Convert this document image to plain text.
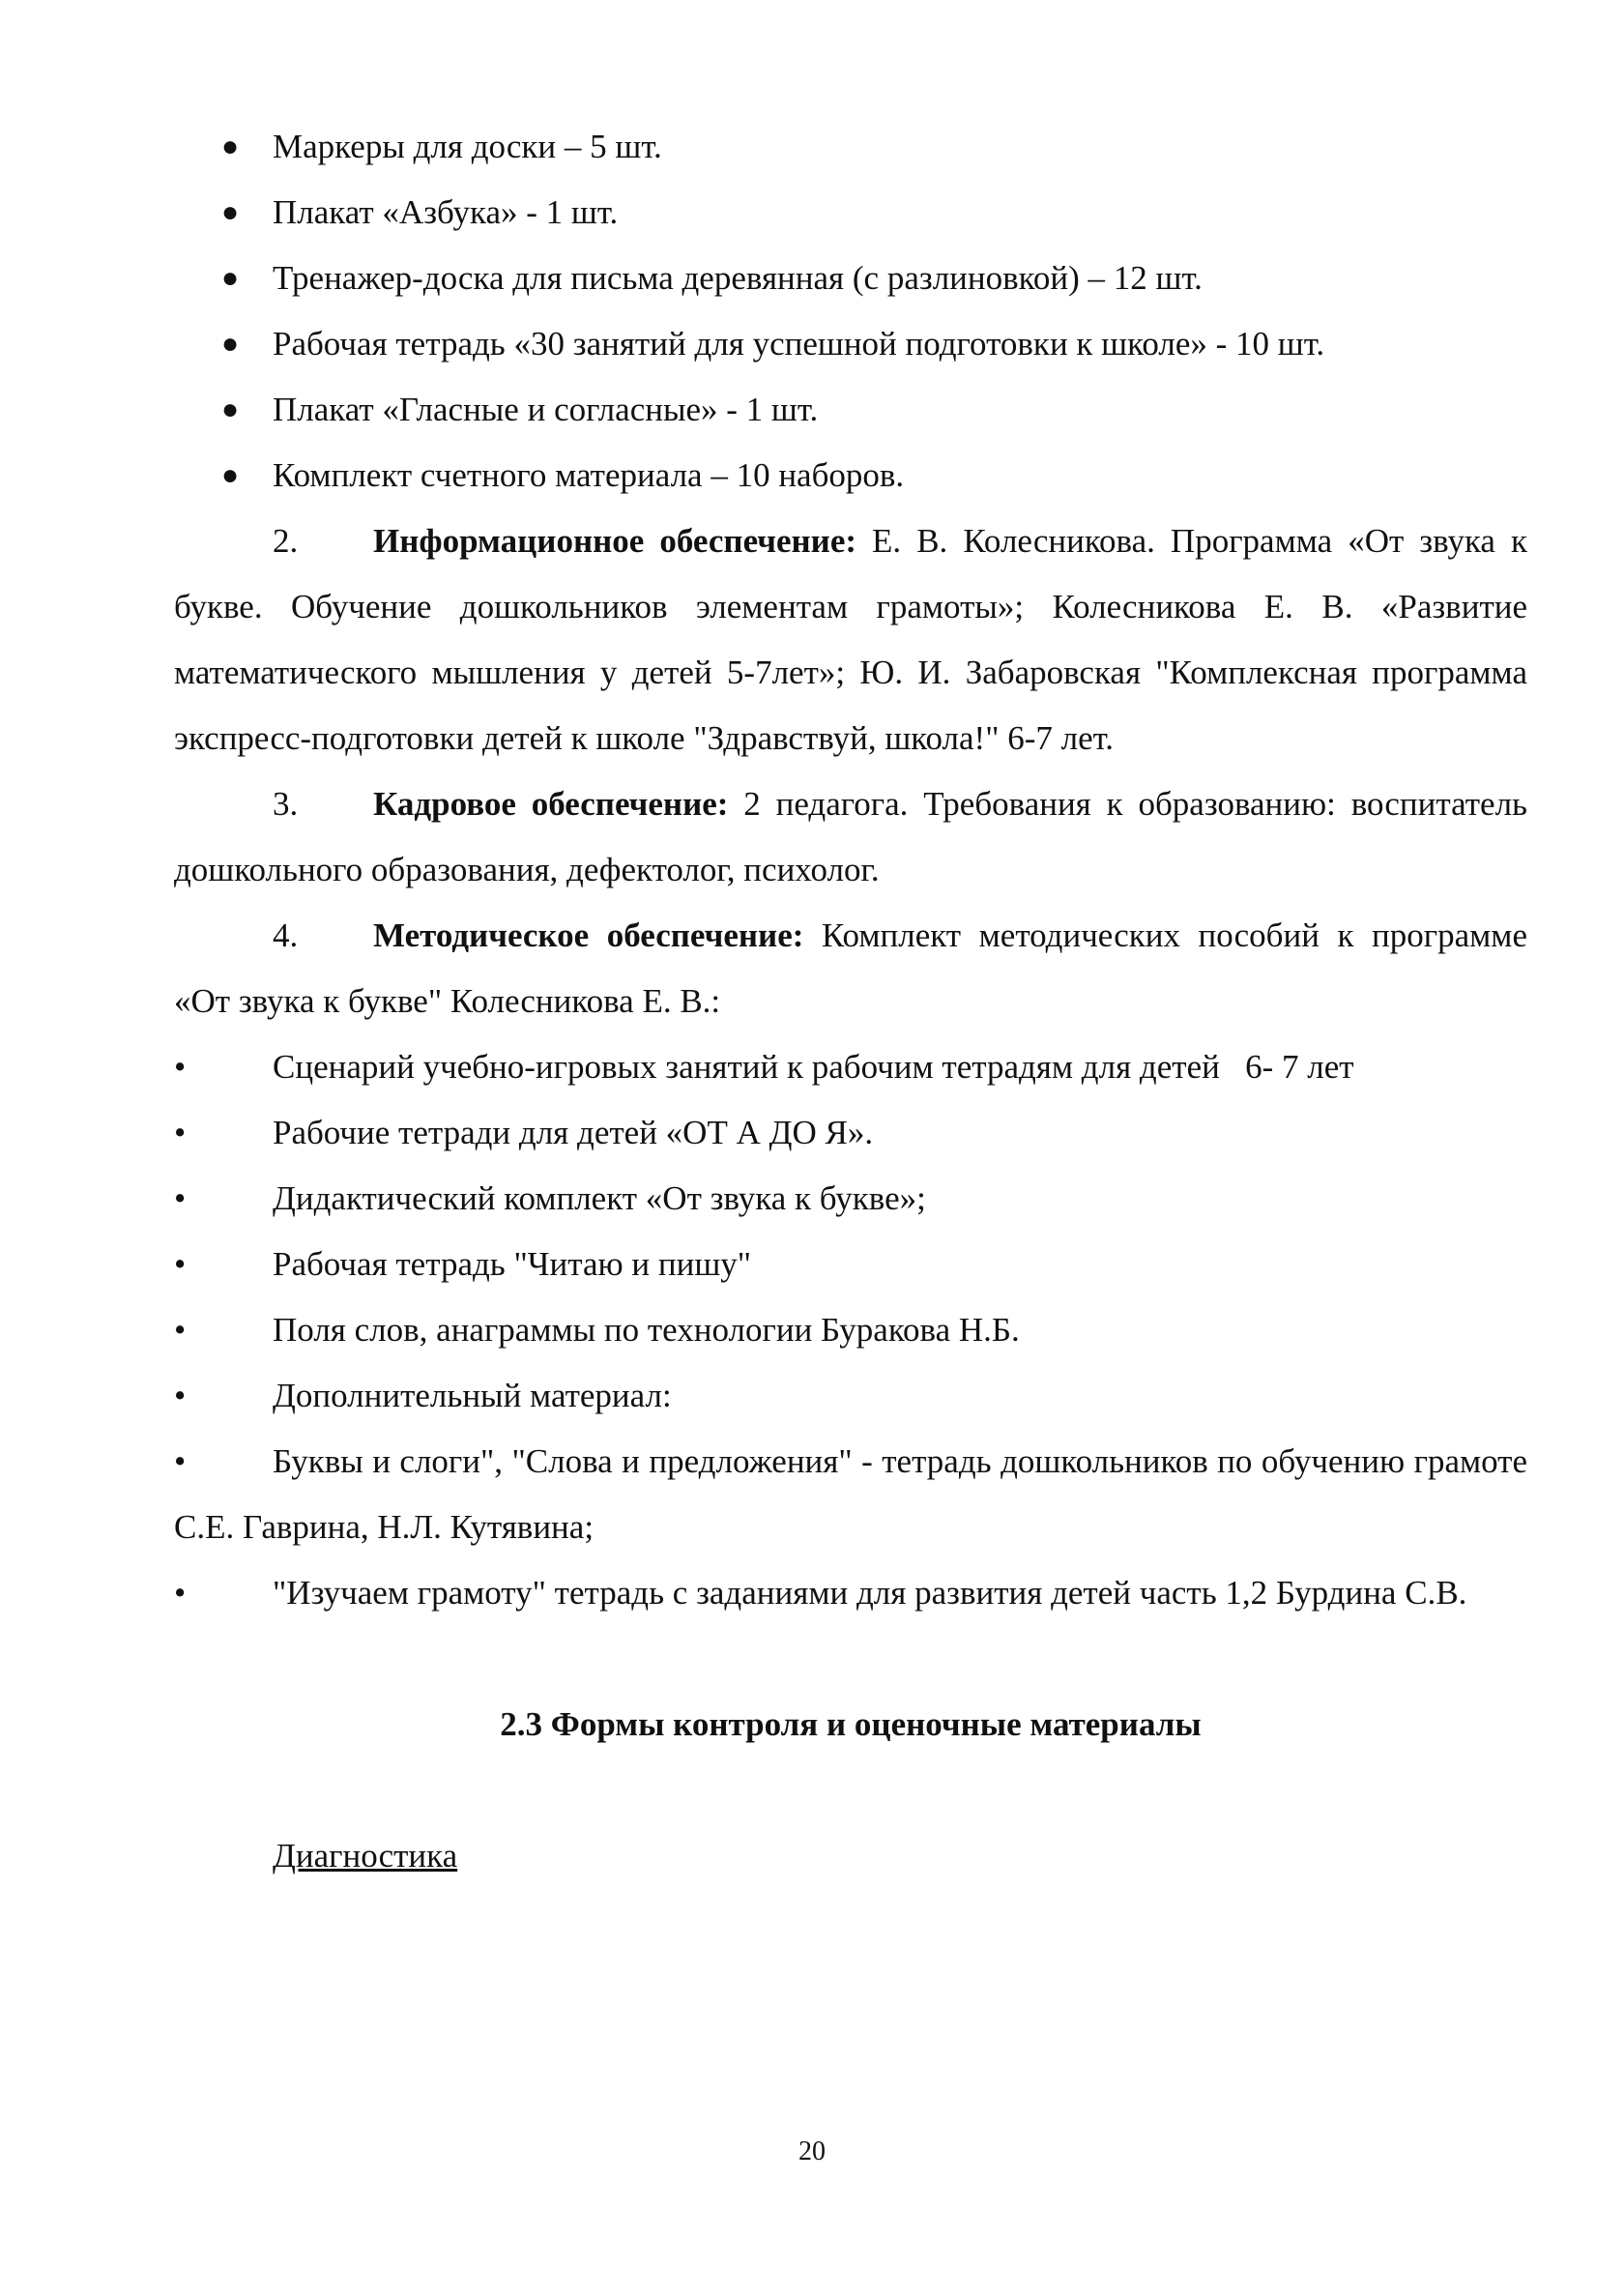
● Маркеры для доски – 5 шт.
● Плакат «Азбука» - 1 шт.
● Тренажер-доска для письма деревянная (с разлиновкой) – 12 шт.
● Рабочая тетрадь «30 занятий для успешной подготовки к школе» - 10 шт.
● Плакат «Гласные и согласные» - 1 шт.
● Комплект счетного материала – 10 наборов.
2. Информационное обеспечение: Е. В. Колесникова. Программа «От звука к букве. Обучение дошкольников элементам грамоты»; Колесникова Е. В. «Развитие математического мышления у детей 5-7лет»; Ю. И. Забаровская "Комплексная программа экспресс-подготовки детей к школе "Здравствуй, школа!" 6-7 лет.
3. Кадровое обеспечение: 2 педагога. Требования к образованию: воспитатель дошкольного образования, дефектолог, психолог.
4. Методическое обеспечение: Комплект методических пособий к программе «От звука к букве" Колесникова Е. В.:
•	Сценарий учебно-игровых занятий к рабочим тетрадям для детей   6- 7 лет
•	Рабочие тетради для детей «ОТ А ДО Я».
•	Дидактический комплект «От звука к букве»;
•	Рабочая тетрадь "Читаю и пишу"
•	Поля слов, анаграммы по технологии Буракова Н.Б.
•	Дополнительный материал:
•	Буквы и слоги", "Слова и предложения" - тетрадь дошкольников по обучению грамоте С.Е. Гаврина, Н.Л. Кутявина;
•	"Изучаем грамоту" тетрадь с заданиями для развития детей часть 1,2 Бурдина С.В.
2.3 Формы контроля и оценочные материалы
Диагностика
20
